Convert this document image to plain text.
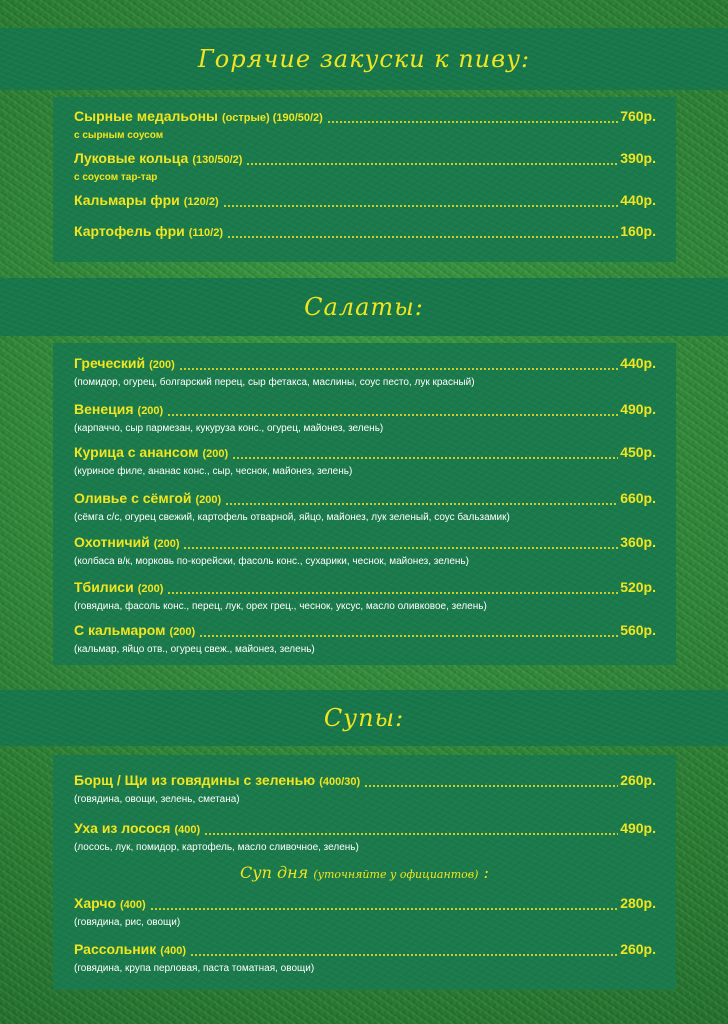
Горячие закуски к пиву:
Сырные медальоны (острые) (190/50/2)	760р.
с сырным соусом
Луковые кольца (130/50/2)	390р.
с соусом тар-тар
Кальмары фри (120/2)	440р.
Картофель фри (110/2)	160р.
Салаты:
Греческий (200)	440р.
(помидор, огурец, болгарский перец, сыр фетакса, маслины, соус песто, лук красный)
Венеция (200)	490р.
(карпаччо, сыр пармезан, кукуруза конс., огурец, майонез, зелень)
Курица с анансом (200)	450р.
(куриное филе, ананас конс., сыр, чеснок, майонез, зелень)
Оливье с сёмгой (200)	660р.
(сёмга с/с, огурец свежий, картофель отварной, яйцо, майонез, лук зеленый, соус бальзамик)
Охотничий (200)	360р.
(колбаса в/к, морковь по-корейски, фасоль конс., сухарики, чеснок, майонез, зелень)
Тбилиси (200)	520р.
(говядина, фасоль конс., перец, лук, орех грец., чеснок, уксус, масло оливковое, зелень)
С кальмаром (200)	560р.
(кальмар, яйцо отв., огурец свеж., майонез, зелень)
Супы:
Борщ / Щи из говядины с зеленью (400/30)	260р.
(говядина, овощи, зелень, сметана)
Уха из лосося (400)	490р.
(лосось, лук, помидор, картофель, масло сливочное, зелень)
Суп дня (уточняйте у официантов) :
Харчо (400)	280р.
(говядина, рис, овощи)
Рассольник (400)	260р.
(говядина, крупа перловая, паста томатная, овощи)
